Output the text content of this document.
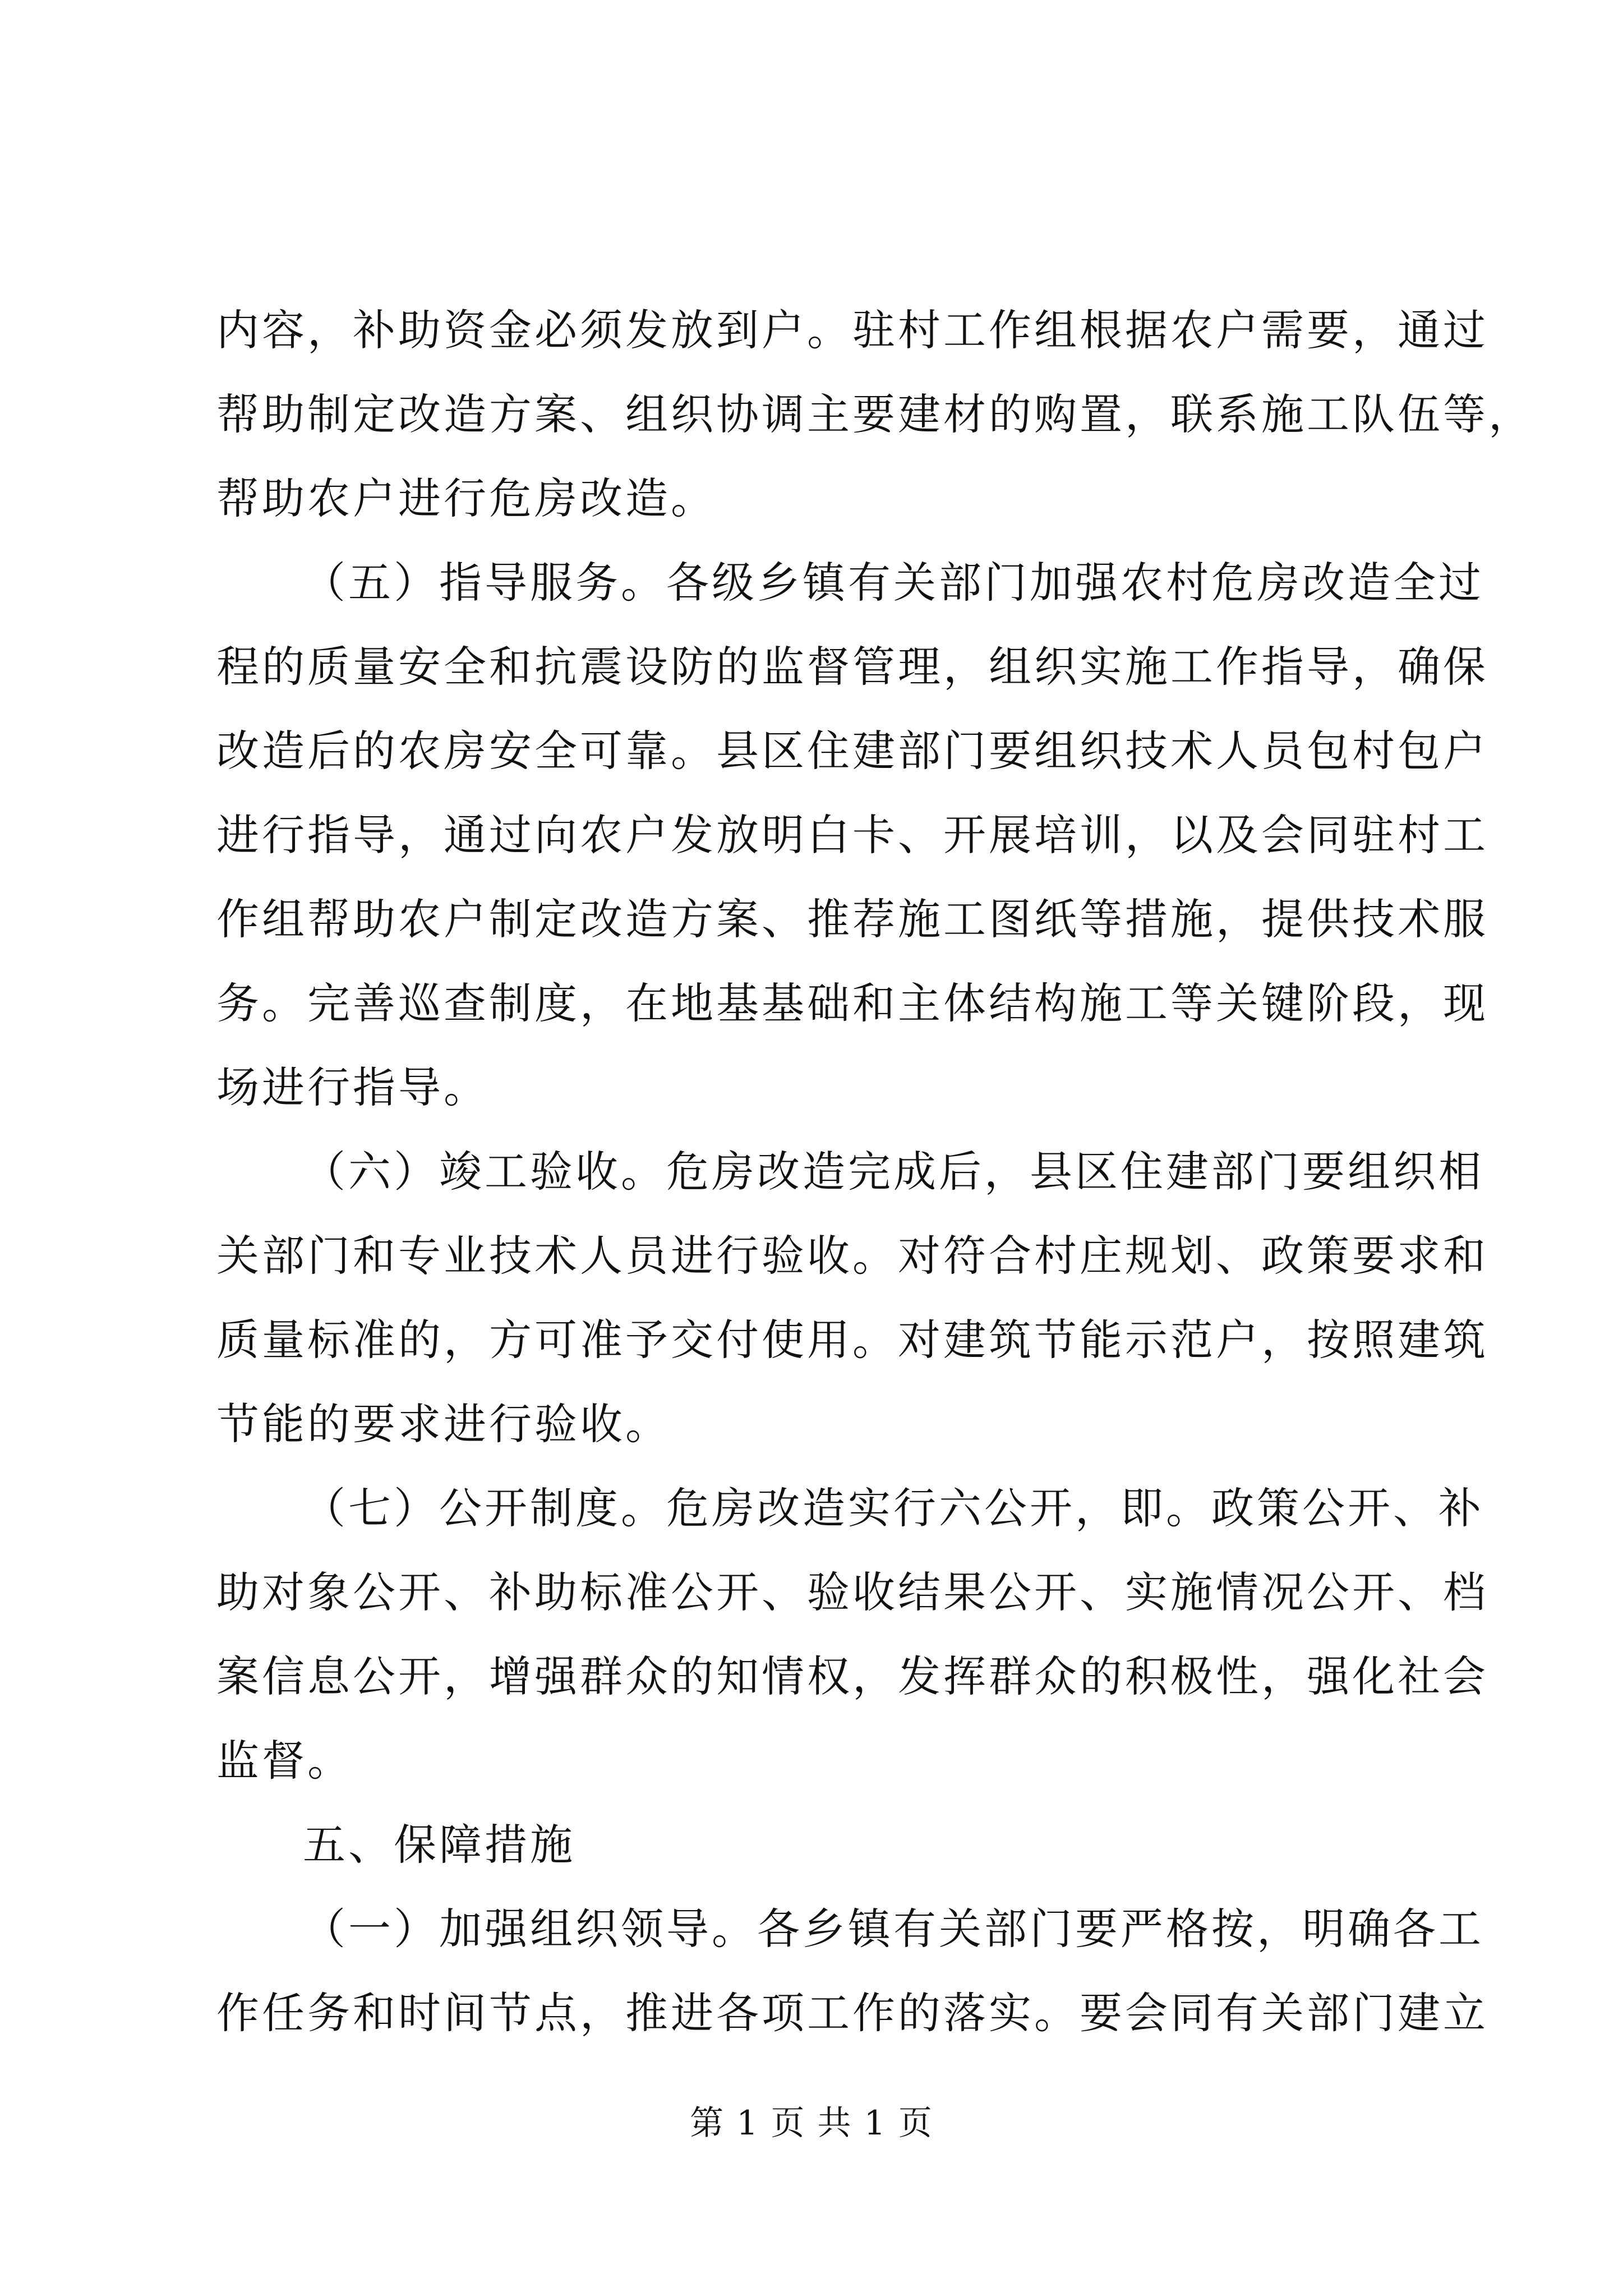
内容，补助资金必须发放到户。驻村工作组根据农户需要，通过
帮助制定改造方案、组织协调主要建材的购置，联系施工队伍等，
帮助农户进行危房改造。
（五）指导服务。各级乡镇有关部门加强农村危房改造全过
程的质量安全和抗震设防的监督管理，组织实施工作指导，确保
改造后的农房安全可靠。县区住建部门要组织技术人员包村包户
进行指导，通过向农户发放明白卡、开展培训，以及会同驻村工
作组帮助农户制定改造方案、推荐施工图纸等措施，提供技术服
务。完善巡查制度，在地基基础和主体结构施工等关键阶段，现
场进行指导。
（六）竣工验收。危房改造完成后，县区住建部门要组织相
关部门和专业技术人员进行验收。对符合村庄规划、政策要求和
质量标准的，方可准予交付使用。对建筑节能示范户，按照建筑
节能的要求进行验收。
（七）公开制度。危房改造实行六公开，即。政策公开、补
助对象公开、补助标准公开、验收结果公开、实施情况公开、档
案信息公开，增强群众的知情权，发挥群众的积极性，强化社会
监督。
五、保障措施
（一）加强组织领导。各乡镇有关部门要严格按，明确各工
作任务和时间节点，推进各项工作的落实。要会同有关部门建立
第 1 页 共 1 页
